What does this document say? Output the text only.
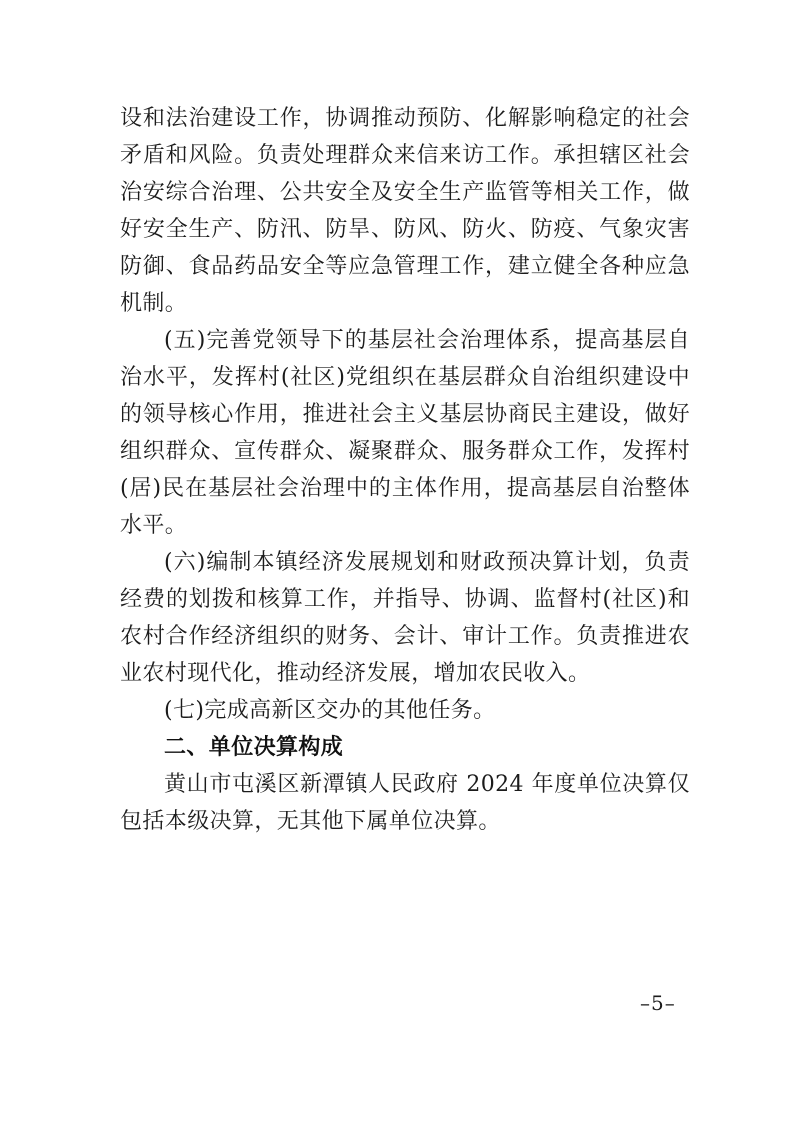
设和法治建设工作，协调推动预防、化解影响稳定的社会矛盾和风险。负责处理群众来信来访工作。承担辖区社会治安综合治理、公共安全及安全生产监管等相关工作，做好安全生产、防汛、防旱、防风、防火、防疫、气象灾害防御、食品药品安全等应急管理工作，建立健全各种应急机制。

(五)完善党领导下的基层社会治理体系，提高基层自治水平，发挥村(社区)党组织在基层群众自治组织建设中的领导核心作用，推进社会主义基层协商民主建设，做好组织群众、宣传群众、凝聚群众、服务群众工作，发挥村(居)民在基层社会治理中的主体作用，提高基层自治整体水平。

(六)编制本镇经济发展规划和财政预决算计划，负责经费的划拨和核算工作，并指导、协调、监督村(社区)和农村合作经济组织的财务、会计、审计工作。负责推进农业农村现代化，推动经济发展，增加农民收入。

(七)完成高新区交办的其他任务。

二、单位决算构成

黄山市屯溪区新潭镇人民政府 2024 年度单位决算仅包括本级决算，无其他下属单位决算。

–5–
